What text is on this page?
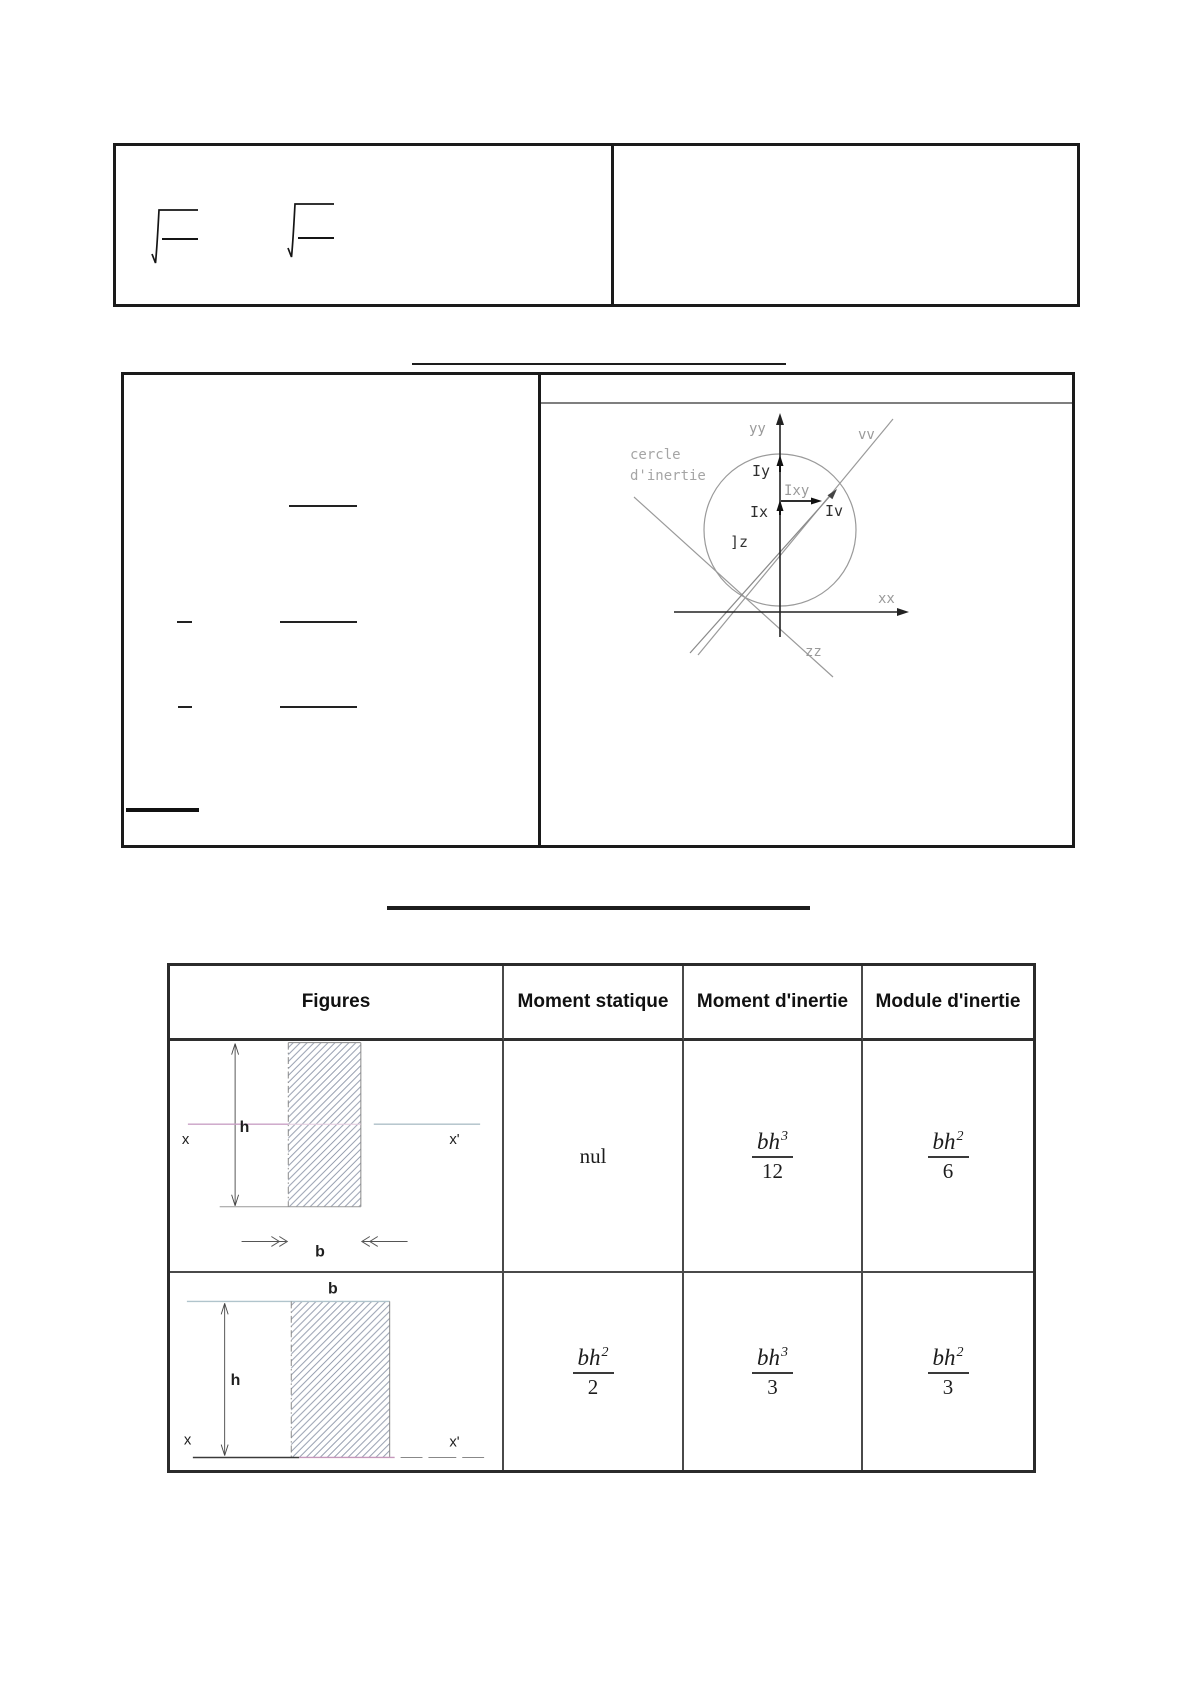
cercle
d'inertie
yy	vv
xx
zz
Ixy
Iy
Ix	Iv
]z
Figures	Moment statique	Moment d'inertie	Module d'inertie
h
x	x'
b
nul	$\frac{bh^3}{12}$	$\frac{bh^2}{6}$
b
h
x	x'
$\frac{bh^2}{2}$	$\frac{bh^3}{3}$	$\frac{bh^2}{3}$
